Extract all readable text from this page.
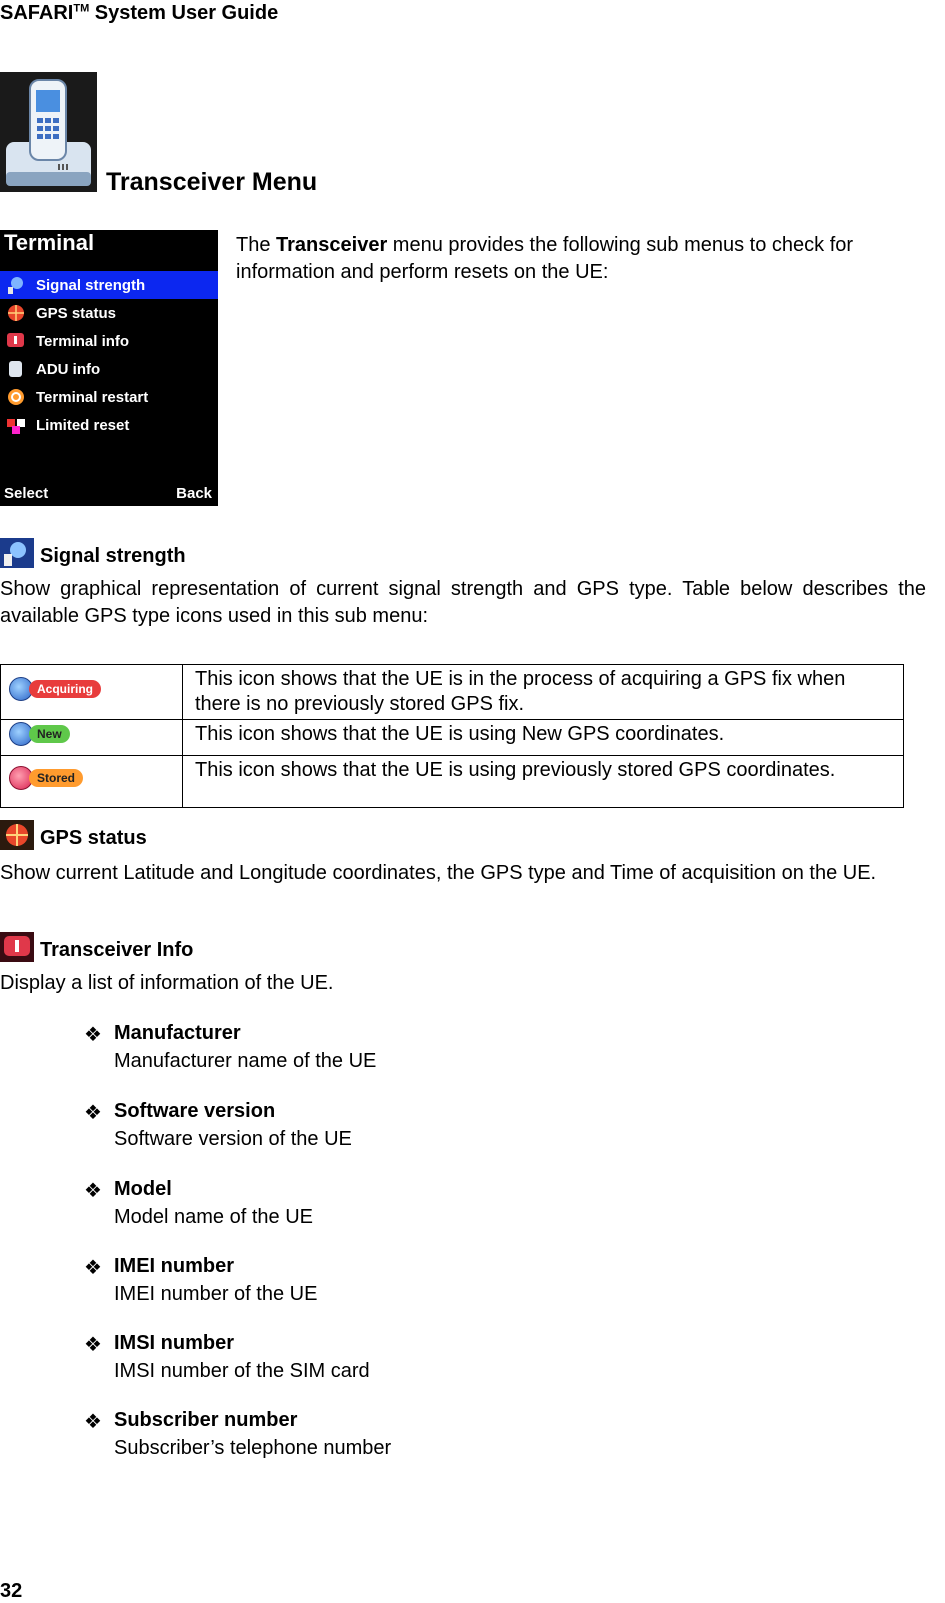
SAFARI™ System User Guide
Transceiver Menu
Terminal
Signal strength
GPS status
Terminal info
ADU info
Terminal restart
Limited reset
Select	Back
The Transceiver menu provides the following sub menus to check for information and perform resets on the UE:
Signal strength
Show graphical representation of current signal strength and GPS type. Table below describes the available GPS type icons used in this sub menu:
Acquiring	This icon shows that the UE is in the process of acquiring a GPS fix when there is no previously stored GPS fix.

New	This icon shows that the UE is using New GPS coordinates.

Stored	This icon shows that the UE is using previously stored GPS coordinates.
GPS status
Show current Latitude and Longitude coordinates, the GPS type and Time of acquisition on the UE.
Transceiver Info
Display a list of information of the UE.
❖ Manufacturer
Manufacturer name of the UE
❖ Software version
Software version of the UE
❖ Model
Model name of the UE
❖ IMEI number
IMEI number of the UE
❖ IMSI number
IMSI number of the SIM card
❖ Subscriber number
Subscriber’s telephone number
32
